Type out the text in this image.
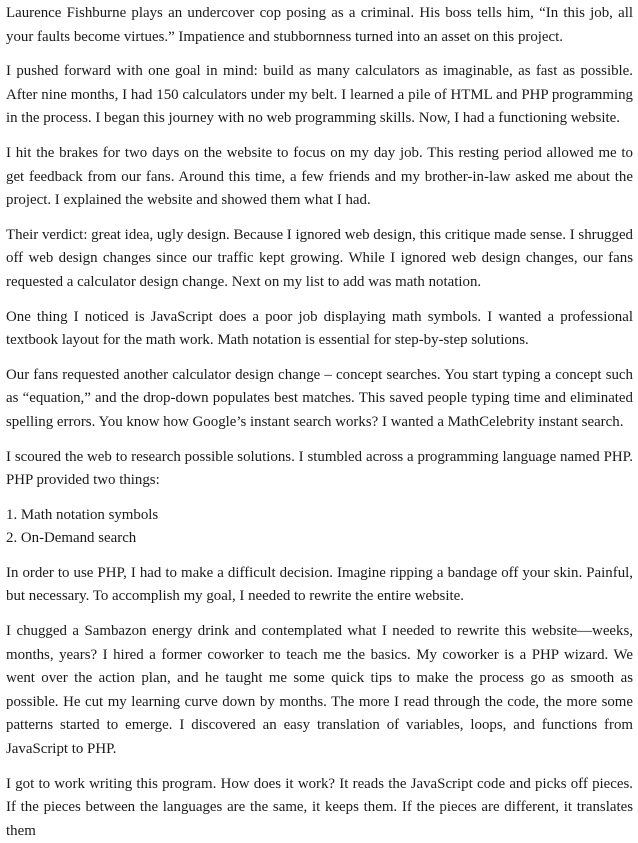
Laurence Fishburne plays an undercover cop posing as a criminal. His boss tells him, “In this job, all your faults become virtues.” Impatience and stubbornness turned into an asset on this project.

I pushed forward with one goal in mind: build as many calculators as imaginable, as fast as possible. After nine months, I had 150 calculators under my belt. I learned a pile of HTML and PHP programming in the process. I began this journey with no web programming skills. Now, I had a functioning website.

I hit the brakes for two days on the website to focus on my day job. This resting period allowed me to get feedback from our fans. Around this time, a few friends and my brother-in-law asked me about the project. I explained the website and showed them what I had.

Their verdict: great idea, ugly design. Because I ignored web design, this critique made sense. I shrugged off web design changes since our traffic kept growing. While I ignored web design changes, our fans requested a calculator design change. Next on my list to add was math notation.

One thing I noticed is JavaScript does a poor job displaying math symbols. I wanted a professional textbook layout for the math work. Math notation is essential for step-by-step solutions.

Our fans requested another calculator design change – concept searches. You start typing a concept such as “equation,” and the drop-down populates best matches. This saved people typing time and eliminated spelling errors. You know how Google’s instant search works? I wanted a MathCelebrity instant search.

I scoured the web to research possible solutions. I stumbled across a programming language named PHP. PHP provided two things:

1. Math notation symbols
2. On-Demand search

In order to use PHP, I had to make a difficult decision. Imagine ripping a bandage off your skin. Painful, but necessary. To accomplish my goal, I needed to rewrite the entire website.

I chugged a Sambazon energy drink and contemplated what I needed to rewrite this website—weeks, months, years? I hired a former coworker to teach me the basics. My coworker is a PHP wizard. We went over the action plan, and he taught me some quick tips to make the process go as smooth as possible. He cut my learning curve down by months. The more I read through the code, the more some patterns started to emerge. I discovered an easy translation of variables, loops, and functions from JavaScript to PHP.

I got to work writing this program. How does it work? It reads the JavaScript code and picks off pieces. If the pieces between the languages are the same, it keeps them. If the pieces are different, it translates them
